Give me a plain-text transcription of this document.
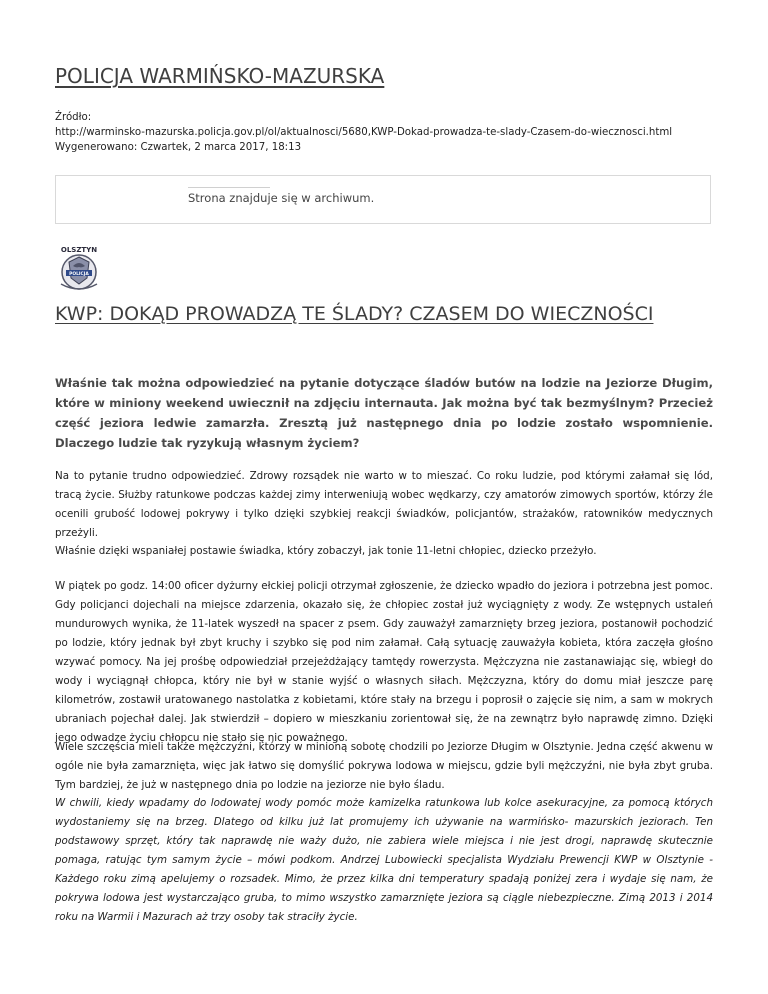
POLICJA WARMIŃSKO-MAZURSKA
Źródło:
http://warminsko-mazurska.policja.gov.pl/ol/aktualnosci/5680,KWP-Dokad-prowadza-te-slady-Czasem-do-wiecznosci.html
Wygenerowano: Czwartek, 2 marca 2017, 18:13
Strona znajduje się w archiwum.
OLSZTYN
POLICJA
KWP: DOKĄD PROWADZĄ TE ŚLADY? CZASEM DO WIECZNOŚCI

Właśnie tak można odpowiedzieć na pytanie dotyczące śladów butów na lodzie na Jeziorze Długim, które w miniony weekend uwiecznił na zdjęciu internauta. Jak można być tak bezmyślnym? Przecież część jeziora ledwie zamarzła. Zresztą już następnego dnia po lodzie zostało wspomnienie. Dlaczego ludzie tak ryzykują własnym życiem?

Na to pytanie trudno odpowiedzieć. Zdrowy rozsądek nie warto w to mieszać. Co roku ludzie, pod którymi załamał się lód, tracą życie. Służby ratunkowe podczas każdej zimy interweniują wobec wędkarzy, czy amatorów zimowych sportów, którzy źle ocenili grubość lodowej pokrywy i tylko dzięki szybkiej reakcji świadków, policjantów, strażaków, ratowników medycznych przeżyli.

Właśnie dzięki wspaniałej postawie świadka, który zobaczył, jak tonie 11-letni chłopiec, dziecko przeżyło.

W piątek po godz. 14:00 oficer dyżurny ełckiej policji otrzymał zgłoszenie, że dziecko wpadło do jeziora i potrzebna jest pomoc. Gdy policjanci dojechali na miejsce zdarzenia, okazało się, że chłopiec został już wyciągnięty z wody. Ze wstępnych ustaleń mundurowych wynika, że 11-latek wyszedł na spacer z psem. Gdy zauważył zamarznięty brzeg jeziora, postanowił pochodzić po lodzie, który jednak był zbyt kruchy i szybko się pod nim załamał. Całą sytuację zauważyła kobieta, która zaczęła głośno wzywać pomocy. Na jej prośbę odpowiedział przejeżdżający tamtędy rowerzysta. Mężczyzna nie zastanawiając się, wbiegł do wody i wyciągnął chłopca, który nie był w stanie wyjść o własnych siłach. Mężczyzna, który do domu miał jeszcze parę kilometrów, zostawił uratowanego nastolatka z kobietami, które stały na brzegu i poprosił o zajęcie się nim, a sam w mokrych ubraniach pojechał dalej. Jak stwierdził – dopiero w mieszkaniu zorientował się, że na zewnątrz było naprawdę zimno. Dzięki jego odwadze życiu chłopcu nie stało się nic poważnego.

Wiele szczęścia mieli także mężczyźni, którzy w minioną sobotę chodzili po Jeziorze Długim w Olsztynie. Jedna część akwenu w ogóle nie była zamarznięta, więc jak łatwo się domyślić pokrywa lodowa w miejscu, gdzie byli mężczyźni, nie była zbyt gruba. Tym bardziej, że już w następnego dnia po lodzie na jeziorze nie było śladu.

W chwili, kiedy wpadamy do lodowatej wody pomóc może kamizelka ratunkowa lub kolce asekuracyjne, za pomocą których wydostaniemy się na brzeg. Dlatego od kilku już lat promujemy ich używanie na warmińsko- mazurskich jeziorach. Ten podstawowy sprzęt, który tak naprawdę nie waży dużo, nie zabiera wiele miejsca i nie jest drogi, naprawdę skutecznie pomaga, ratując tym samym życie – mówi podkom. Andrzej Lubowiecki specjalista Wydziału Prewencji KWP w Olsztynie - Każdego roku zimą apelujemy o rozsadek. Mimo, że przez kilka dni temperatury spadają poniżej zera i wydaje się nam, że pokrywa lodowa jest wystarczająco gruba, to mimo wszystko zamarznięte jeziora są ciągle niebezpieczne. Zimą 2013 i 2014 roku na Warmii i Mazurach aż trzy osoby tak straciły życie.
